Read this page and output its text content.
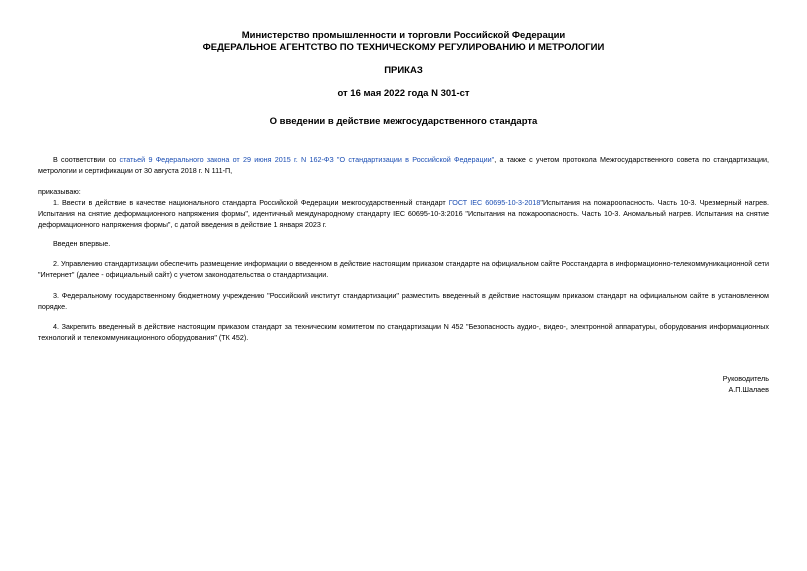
Министерство промышленности и торговли Российской Федерации
ФЕДЕРАЛЬНОЕ АГЕНТСТВО ПО ТЕХНИЧЕСКОМУ РЕГУЛИРОВАНИЮ И МЕТРОЛОГИИ
ПРИКАЗ
от 16 мая 2022 года N 301-ст
О введении в действие межгосударственного стандарта
В соответствии со статьей 9 Федерального закона от 29 июня 2015 г. N 162-ФЗ "О стандартизации в Российской Федерации", а также с учетом протокола Межгосударственного совета по стандартизации, метрологии и сертификации от 30 августа 2018 г. N 111-П,
приказываю:
1. Ввести в действие в качестве национального стандарта Российской Федерации межгосударственный стандарт ГОСТ IEC 60695-10-3-2018"Испытания на пожароопасность. Часть 10-3. Чрезмерный нагрев. Испытания на снятие деформационного напряжения формы", идентичный международному стандарту IEC 60695-10-3:2016 "Испытания на пожароопасность. Часть 10-3. Аномальный нагрев. Испытания на снятие деформационного напряжения формы", с датой введения в действие 1 января 2023 г.
Введен впервые.
2. Управлению стандартизации обеспечить размещение информации о введенном в действие настоящим приказом стандарте на официальном сайте Росстандарта в информационно-телекоммуникационной сети "Интернет" (далее - официальный сайт) с учетом законодательства о стандартизации.
3. Федеральному государственному бюджетному учреждению "Российский институт стандартизации" разместить введенный в действие настоящим приказом стандарт на официальном сайте в установленном порядке.
4. Закрепить введенный в действие настоящим приказом стандарт за техническим комитетом по стандартизации N 452 "Безопасность аудио-, видео-, электронной аппаратуры, оборудования информационных технологий и телекоммуникационного оборудования" (ТК 452).
Руководитель
А.П.Шалаев
